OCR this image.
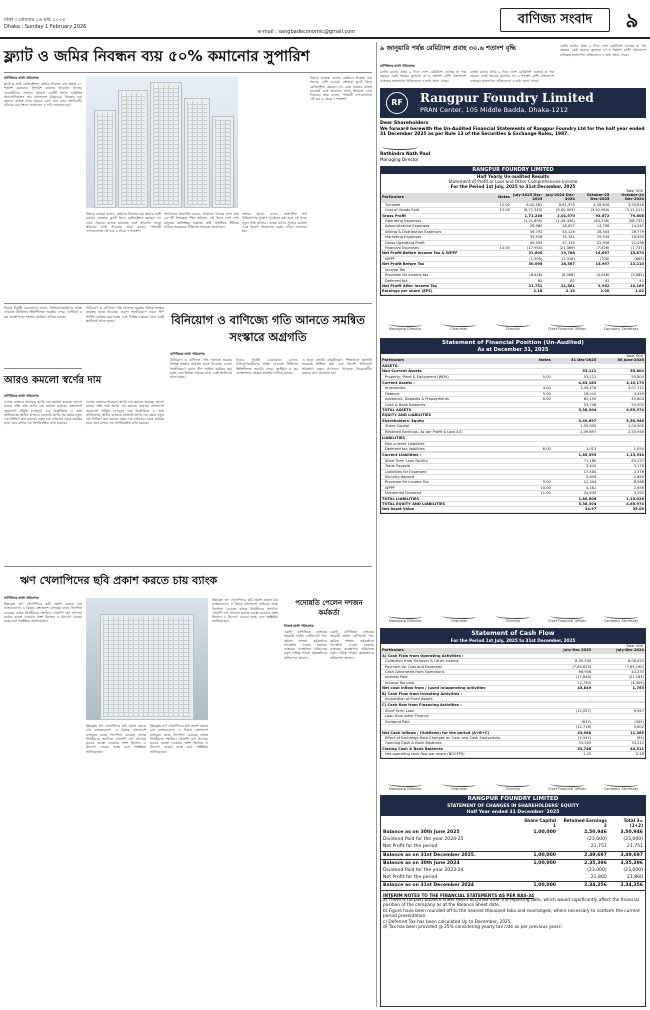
ঢাকা । রোববার ১৬ মার্চ ২০২৫
Dhaka : Sunday 1 February 2026
e-mail : sangbadeconomic@gmail.com
বাণিজ্য সংবাদ	৯
ফ্ল্যাট ও জমির নিবন্ধন ব্যয় ৫০% কমানোর সুপারিশ
বাণিজ্যিক বার্তা পরিবেশক
ফ্ল্যাট ও জমি রেজিস্ট্রেশনে বর্তমান নিবন্ধন ব্যয় অন্তত ৫০ শতাংশ কমানোর সুপারিশ করেছে আবাসন খাতের ব্যবসায়ীদের সংগঠন রিয়েল এস্টেট অ্যান্ড হাউজিং অ্যাসোসিয়েশন অব বাংলাদেশ (রিহ্যাব)। নিবন্ধন ব্যয় কমালে রাজস্ব আয় বাড়বে বলে মনে করে সংগঠনটি। রবিবার এক সংবাদ সম্মেলনে এ দাবি জানানো হয়।
রিহ্যাব নেতারা বলেন, বর্তমানে নিবন্ধন ব্যয় অনেক বেশি হওয়ায় ক্রেতারা ফ্ল্যাট কিনে রেজিস্ট্রেশন করছেন না। এতে সরকার রাজস্ব হারাচ্ছে এবং আবাসন খাতে স্থবিরতা দেখা দিয়েছে। তারা বলেন, পার্শ্ববর্তী দেশগুলোতে এই ব্যয় ৬ থেকে ৭ শতাংশ।
সংগঠনের সভাপতি বলেন, আবাসন খাতের সঙ্গে প্রায় ৪৫০টি লিংকেজ শিল্প জড়িত। এই খাতে লাখ লাখ মানুষের কর্মসংস্থান হয়েছে। তাই খাতটিকে টিকিয়ে রাখতে সরকারের নীতিগত সহায়তা প্রয়োজন।
বক্তারা আরও বলেন, অপ্রদর্শিত অর্থ বিনিয়োগের সুযোগ পুনর্বহাল করা হলে এই খাতে নতুন গতি আসবে। ব্যাংক ঋণের সুদহার কমানো এবং গৃহঋণ সহজলভ্য করার দাবিও জানানো হয়।
রিহ্যাব নেতারা বলেন, বর্তমানে নিবন্ধন ব্যয় অনেক বেশি হওয়ায় ক্রেতারা ফ্ল্যাট কিনে রেজিস্ট্রেশন করছেন না। এতে সরকার রাজস্ব হারাচ্ছে এবং আবাসন খাতে স্থবিরতা দেখা দিয়েছে। তারা বলেন, পার্শ্ববর্তী দেশগুলোতে এই ব্যয় ৬ থেকে ৭ শতাংশ।
বিনিয়োগ ও বাণিজ্যে গতি আনতে সমন্বিত সংস্কারে অগ্রগতি
বাণিজ্যিক বার্তা পরিবেশক
বিনিয়োগ ও বাণিজ্যে গতি আনতে সরকার বিভিন্ন সংস্কার কার্যক্রম হাতে নিয়েছে। ব্যবসা সহজীকরণে ওয়ান স্টপ সার্ভিস কার্যকর করা হচ্ছে এবং বিভিন্ন দপ্তরের সেবা একই প্ল্যাটফর্মে আনা হচ্ছে।
বিডার নির্বাহী চেয়ারম্যান বলেন, বিনিয়োগকারীদের আস্থা ফেরাতে নীতিগত স্থিতিশীলতা জরুরি। বন্দর, কাস্টমস ও কর ব্যবস্থাপনায় সংস্কার কার্যক্রম এগিয়ে চলছে।
এ ছাড়া রপ্তানি বহুমুখীকরণ, শিল্পাঞ্চলে জ্বালানি সরবরাহ নিশ্চিত করা এবং বিদেশি বিনিয়োগ আকর্ষণে নতুন প্রণোদনা প্যাকেজ বিবেচনাধীন রয়েছে বলে জানানো হয়।
বিনিয়োগ ও বাণিজ্যে গতি আনতে সরকার বিভিন্ন সংস্কার কার্যক্রম হাতে নিয়েছে। ব্যবসা সহজীকরণে ওয়ান স্টপ সার্ভিস কার্যকর করা হচ্ছে এবং বিভিন্ন দপ্তরের সেবা একই প্ল্যাটফর্মে আনা হচ্ছে।
বিডার নির্বাহী চেয়ারম্যান বলেন, বিনিয়োগকারীদের আস্থা ফেরাতে নীতিগত স্থিতিশীলতা জরুরি। বন্দর, কাস্টমস ও কর ব্যবস্থাপনায় সংস্কার কার্যক্রম এগিয়ে চলছে।
আরও কমলো স্বর্ণের দাম
বাণিজ্যিক বার্তা পরিবেশক
দেশের বাজারে আবারও স্বর্ণের দাম কমানো হয়েছে। ভালো মানের প্রতি ভরি স্বর্ণের দাম কমানো হয়েছে। বাংলাদেশ জুয়েলার্স সমিতি (বাজুস) এক বিজ্ঞপ্তিতে এ তথ্য জানিয়েছে। স্থানীয় বাজারে তেজাবি স্বর্ণের দাম কমায় নতুন দাম নির্ধারণ করা হয়েছে। নতুন দাম সোমবার থেকে কার্যকর হবে। তবে রুপার দাম অপরিবর্তিত রাখা হয়েছে।
দেশের বাজারে আবারও স্বর্ণের দাম কমানো হয়েছে। ভালো মানের প্রতি ভরি স্বর্ণের দাম কমানো হয়েছে। বাংলাদেশ জুয়েলার্স সমিতি (বাজুস) এক বিজ্ঞপ্তিতে এ তথ্য জানিয়েছে। স্থানীয় বাজারে তেজাবি স্বর্ণের দাম কমায় নতুন দাম নির্ধারণ করা হয়েছে। নতুন দাম সোমবার থেকে কার্যকর হবে। তবে রুপার দাম অপরিবর্তিত রাখা হয়েছে।
ঋণ খেলাপিদের ছবি প্রকাশ করতে চায় ব্যাংক
বাণিজ্যিক বার্তা পরিবেশক
ইচ্ছাকৃত ঋণ খেলাপিদের ছবি প্রকাশ করতে চায় ব্যাংকগুলো। এ বিষয়ে বাংলাদেশ ব্যাংকের কাছে নির্দেশনা চেয়েছে ব্যাংক নির্বাহীদের সংগঠন। খেলাপি ঋণ আদায়ে কঠোর ব্যবস্থা নেওয়ার অংশ হিসেবে এ উদ্যোগ নেওয়া হচ্ছে বলে সংশ্লিষ্টরা জানিয়েছেন।
ইচ্ছাকৃত ঋণ খেলাপিদের ছবি প্রকাশ করতে চায় ব্যাংকগুলো। এ বিষয়ে বাংলাদেশ ব্যাংকের কাছে নির্দেশনা চেয়েছে ব্যাংক নির্বাহীদের সংগঠন। খেলাপি ঋণ আদায়ে কঠোর ব্যবস্থা নেওয়ার অংশ হিসেবে এ উদ্যোগ নেওয়া হচ্ছে বলে সংশ্লিষ্টরা জানিয়েছেন।
ইচ্ছাকৃত ঋণ খেলাপিদের ছবি প্রকাশ করতে চায় ব্যাংকগুলো। এ বিষয়ে বাংলাদেশ ব্যাংকের কাছে নির্দেশনা চেয়েছে ব্যাংক নির্বাহীদের সংগঠন। খেলাপি ঋণ আদায়ে কঠোর ব্যবস্থা নেওয়ার অংশ হিসেবে এ উদ্যোগ নেওয়া হচ্ছে বলে সংশ্লিষ্টরা জানিয়েছেন।
ইচ্ছাকৃত ঋণ খেলাপিদের ছবি প্রকাশ করতে চায় ব্যাংকগুলো। এ বিষয়ে বাংলাদেশ ব্যাংকের কাছে নির্দেশনা চেয়েছে ব্যাংক নির্বাহীদের সংগঠন। খেলাপি ঋণ আদায়ে কঠোর ব্যবস্থা নেওয়ার অংশ হিসেবে এ উদ্যোগ নেওয়া হচ্ছে বলে সংশ্লিষ্টরা জানিয়েছেন।
পদোন্নতি পেলেন দশজন কর্মকর্তা
নিজস্ব বার্তা পরিবেশক
একটি বাণিজ্যিক ব্যাংকের সহকারী ভাইস প্রেসিডেন্ট পদে কর্মরত দশজন কর্মকর্তাকে পদোন্নতি দেওয়া হয়েছে। ব্যাংকের ব্যবস্থাপনা পরিচালক নতুন দায়িত্ব পাওয়া কর্মকর্তাদের অভিনন্দন জানান।
একটি বাণিজ্যিক ব্যাংকের সহকারী ভাইস প্রেসিডেন্ট পদে কর্মরত দশজন কর্মকর্তাকে পদোন্নতি দেওয়া হয়েছে। ব্যাংকের ব্যবস্থাপনা পরিচালক নতুন দায়িত্ব পাওয়া কর্মকর্তাদের অভিনন্দন জানান।
৯ জানুয়ারি পর্যন্ত রেমিট্যান্স প্রবাহ ৩০.৬ শতাংশ বৃদ্ধি
বাণিজ্যিক বার্তা পরিবেশক
চলতি মাসের প্রথম ৯ দিনে দেশে রেমিট্যান্স এসেছে যা গত বছরের একই সময়ের তুলনায় ৩০.৬ শতাংশ বেশি। বাংলাদেশ ব্যাংকের হালনাগাদ প্রতিবেদনে এ তথ্য জানা গেছে।
চলতি মাসের প্রথম ৯ দিনে দেশে রেমিট্যান্স এসেছে যা গত বছরের একই সময়ের তুলনায় ৩০.৬ শতাংশ বেশি। বাংলাদেশ ব্যাংকের হালনাগাদ প্রতিবেদনে এ তথ্য জানা গেছে।
চলতি মাসের প্রথম ৯ দিনে দেশে রেমিট্যান্স এসেছে যা গত বছরের একই সময়ের তুলনায় ৩০.৬ শতাংশ বেশি। বাংলাদেশ ব্যাংকের হালনাগাদ প্রতিবেদনে এ তথ্য জানা গেছে।
RF	Rangpur Foundry Limited
PRAN Center, 105 Middle Badda, Dhaka-1212
Dear Shareholders
We forward herewith the Un-Audited Financial Statements of Rangpur Foundry Ltd for the half year ended 31 December 2025 as per Rule 13 of the Securities & Exchange Rules, 1987.
Rathindra Nath Paul
Managing Director
RANGPUR FOUNDRY LIMITED
Half Yearly Un-audited Results
Statement of Profit or Loss and Other Comprehensive Income
For the Period 1st July, 2025 to 31st December, 2025
Taka '000
Particulars	Notes	July-2025 Dec-2025	July-2024 Dec-2024	October-25 Dec-2025	October-24 Dec-2024
Turnover	12.00	8,42,581	8,61,573	4,26,626	3,93,818
Cost of Goods Sold	13.00	(6,71,345)	(6,60,003)	(3,32,954)	(3,13,011)
Gross Profit		1,71,236	2,01,570	93,672	79,806
Operating Expenses		(1,21,690)	(1,26,440)	(63,236)	(58,732)
Administrative Expenses		28,980	28,627	14,798	14,241
Selling & Distribution Expenses		56,792	54,129	28,504	26,779
Marketing Expenses		35,918	35,781	19,934	18,995
Gross Operating Profit		49,555	47,154	22,936	21,036
Financial Expenses	14.00	(17,955)	(21,369)	(7,426)	(7,737)
Net Profit Before Income Tax & WPPF		31,600	29,786	14,697	13,870
WPPF		(1,505)	(1,418)	(700)	(660)
Net Profit Before Tax		30,095	28,367	13,997	13,210
Income Tax					
Provision for Income tax		(8,426)	(6,588)	(4,046)	(3,082)
Deferred tax		82	82	41	41
Net Profit After Income Tax		21,751	21,861	9,992	10,169
Earnings per share (EPS)		2.18	2.19	1.00	1.02
Managing Director	Chairman	Director	Chief Financial Officer	Company Secretary
Statement of Financial Position (Un-Audited)
As at December 31, 2025
Taka' 000
Particulars	Notes	31 Dec-2025	30 June-2025
ASSETS:			
Non-Current Assets		53,121	55,804
Property, Plant & Equipment (WDV)	5.00	53,121	55,804

Current Assets :		4,83,183	4,10,170
Inventories	4.00	3,49,278	3,07,712
Debtors	5.00	16,010	3,449
Advances, Deposits & Prepayments	6.00	65,150	45,804
Cash & Bank Balances		53,746	53,205
TOTAL ASSETS		5,36,304	4,65,974
EQUITY AND LIABILITIES			
Shareholders' Equity		3,49,697	3,50,946
Share Capital		1,00,000	1,00,000
Retained Earnings- As per Profit & Loss A/C		2,49,697	2,50,946

LIABILITIES			
Non-current Liabilities			
Deferred tax liabilities	8.00	1,013	1,054

Current Liabilities :		1,85,595	1,13,934
Short Term Loan Facility		71,180	83,237
Trade Payable		3,442	3,176
Liabilities for Expenses		17,484	3,576
Security deposit		2,849	2,849
Provision for Income Tax	9.00	12,344	8,068
WPPF	10.00	4,162	2,656
Unclaimed Dividend	11.00	34,639	3,292
TOTAL LIABILITIES		1,86,608	1,15,028
TOTAL EQUITY AND LIABILITIES		5,36,304	4,65,974
Net Asset Value		34.97	35.09
Managing Director	Chairman	Director	Chief Financial Officer	Company Secretary
Statement of Cash Flow
For the Period 1st July, 2025 to 31st December, 2025
Taka' 000
Particulars	July-Dec 2025	July-Dec 2024
A) Cash Flow from Operating Activities :		
Collection from Turnover & Other Income	8,30,530	8,06,425
Payment for Cost and Expenses	(7,63,623)	(7,63,190)
Cash Generated from Operations	66,906	43,235
Interest Paid	(17,848)	(21,183)
Income Tax paid	(2,750)	(4,309)
Net cash inflow from / (used in)operating activities	45,849	1,763
B) Cash Flow from Investing Activities :		
Acquisition of Fixed Assets	-	-

C) Cash flow from Financing Activities :		
Short Term Loan	(12,057)	9,947
Loan from other Finance	-	-
Dividend Paid	(637)	(345)
	(12,716)	9,602
Net Cash Inflows / (Outflows) for the period (A+B+C)	43,088	11,365
Effect of Exchange Rate Changes on Cash and Cash Equivalents	(2,547)	(63)
Opening Cash & Bank Balances	53,205	33,212
Closing Cash & Bank Balances	53,746	44,511
Net operating cash flow per share (NOCFPS)	1.25	0.18
Managing Director	Chairman	Director	Chief Financial Officer	Company Secretary
RANGPUR FOUNDRY LIMITED
STATEMENT OF CHANGES IN SHAREHOLDERS' EQUITY
Half Year ended 31 December '2025
	Share Capital 1	Retained Earnings 2	Total 3=(1+2)
Balance as on 30th June 2025	1,00,000	2,50,946	3,50,946
Dividend Paid for the year 2024-25		(23,000)	(23,000)
Net Profit for the period		21,751	21,751
Balance as on 31st December 2025.	1,00,000	2,49,697	3,49,697

Balance as on 30th June 2024	1,00,000	2,35,396	3,35,396
Dividend Paid for the year 2023-24		(23,000)	(23,000)
Net Profit for the period		21,860	21,860
Balance as on 31st December 2024	1,00,000	2,34,256	3,34,256
INTERIM NOTES TO THE FINANCIAL STATEMENTS AS PER BAS-34
a) There is no post balance sheet event occurred after the reporting date, which would significantly affect the financial position of the company as at the Balance Sheet date.
b) Figure have been rounded off to the nearest thousand taka and rearranged, where necessary to conform the current period presentation.
c) Deferred Tax has been calculated Up to December, 2025.
d) Tax has been provided @ 25% considering yearly tax rate as per previous years'.
